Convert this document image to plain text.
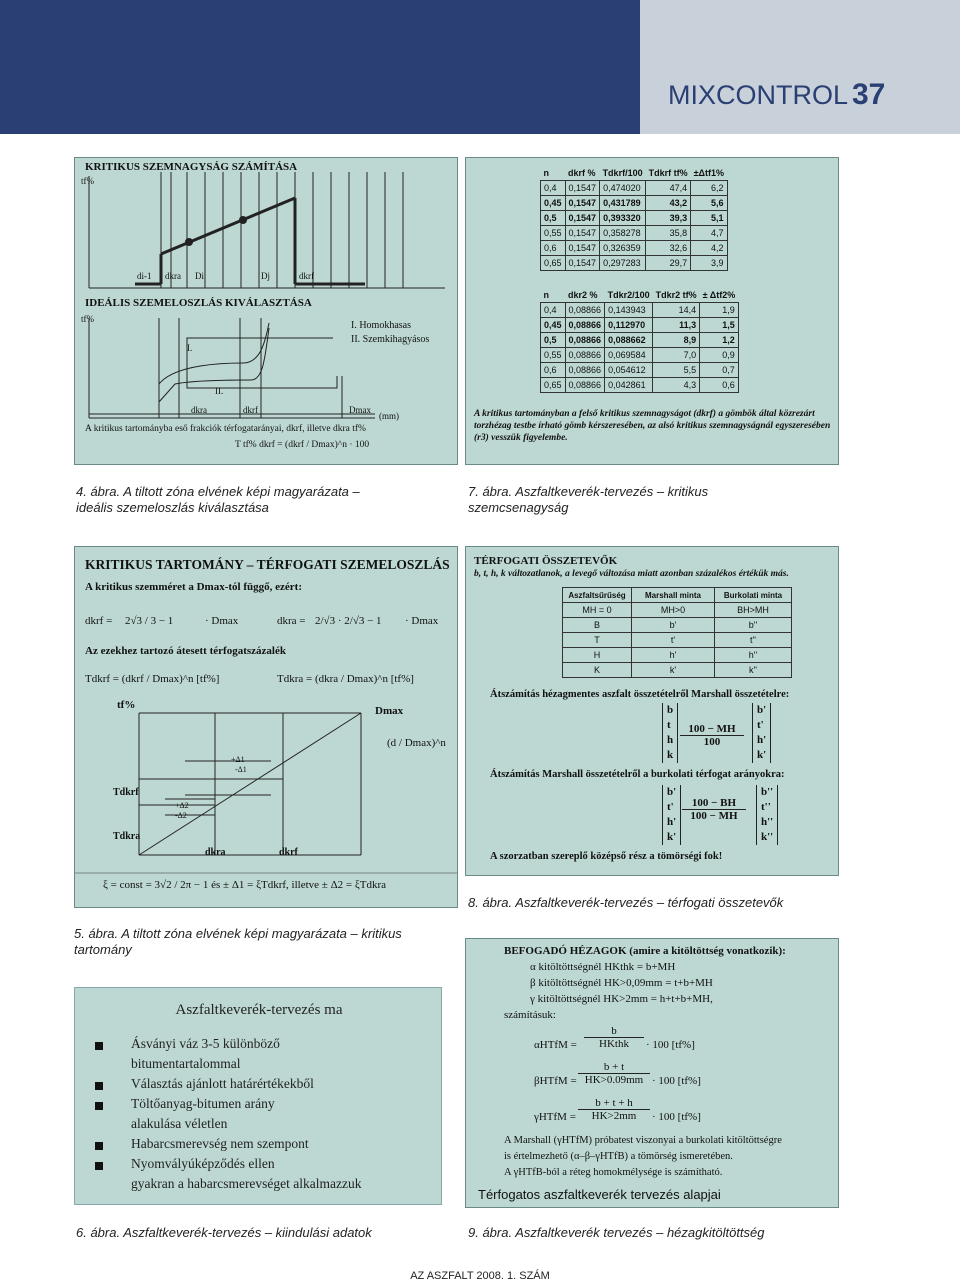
MIXCONTROL 37
KRITIKUS SZEMNAGYSÁG SZÁMÍTÁSA
tf%
di-1 dkra Di	Dj	dkrf
IDEÁLIS SZEMELOSZLÁS KIVÁLASZTÁSA
tf%
I. Homokhasas
II. Szemkihagyásos
I.
II.
dkra	dkrf	Dmax
(mm)
A kritikus tartományba eső frakciók térfogatarányai, dkrf, illetve dkra tf%
T tf% dkrf = (dkrf / Dmax)^n · 100
4. ábra. A tiltott zóna elvének képi magyarázata – ideális szemeloszlás kiválasztása
n	dkrf %	Tdkrf/100	Tdkrf tf%	±Δtf1%
0,4	0,1547	0,474020	47,4	6,2
0,45	0,1547	0,431789	43,2	5,6
0,5	0,1547	0,393320	39,3	5,1
0,55	0,1547	0,358278	35,8	4,7
0,6	0,1547	0,326359	32,6	4,2
0,65	0,1547	0,297283	29,7	3,9
n	dkr2 %	Tdkr2/100	Tdkr2 tf%	± Δtf2%
0,4	0,08866	0,143943	14,4	1,9
0,45	0,08866	0,112970	11,3	1,5
0,5	0,08866	0,088662	8,9	1,2
0,55	0,08866	0,069584	7,0	0,9
0,6	0,08866	0,054612	5,5	0,7
0,65	0,08866	0,042861	4,3	0,6
A kritikus tartományban a felső kritikus szemnagyságot (dkrf) a gömbök által közrezárt torzhézag testbe írható gömb kérszeresében, az alsó kritikus szemnagyságnál egyszeresében (r3) vesszük figyelembe.
7. ábra. Aszfaltkeverék-tervezés – kritikus szemcsenagyság
KRITIKUS TARTOMÁNY – TÉRFOGATI SZEMELOSZLÁS
A kritikus szemméret a Dmax-tól függő, ezért:
dkrf = 2√3 / 3 − 1	· Dmax	dkra = 2/√3 · 2/√3 − 1 · Dmax
Az ezekhez tartozó átesett térfogatszázalék
Tdkrf = (dkrf / Dmax)^n [tf%]	Tdkra = (dkra / Dmax)^n [tf%]
tf%	Dmax
(d / Dmax)^n
Tdkrf
Tdkra
dkra	dkrf
+Δ1
-Δ1
+Δ2
-Δ2
ξ = const = 3√2 / 2π − 1 és ± Δ1 = ξTdkrf, illetve ± Δ2 = ξTdkra
5. ábra. A tiltott zóna elvének képi magyarázata – kritikus tartomány
TÉRFOGATI ÖSSZETEVŐK
b, t, h, k változatlanok, a levegő változása miatt azonban százalékos értékük más.
Aszfaltsűrűség	Marshall minta	Burkolati minta
MH = 0	MH>0	BH>MH
B	b'	b''
T	t'	t''
H	h'	h''
K	k'	k''
Átszámítás hézagmentes aszfalt összetételről Marshall összetételre:
b
t
h
k
$\frac{100 - MH}{100}$
b'
t'
h'
k'
Átszámítás Marshall összetételről a burkolati térfogat arányokra:
b'
t'
h'
k'
$\frac{100 - BH}{100 - MH}$
b''
t''
h''
k''
A szorzatban szereplő középső rész a tömörségi fok!
8. ábra. Aszfaltkeverék-tervezés – térfogati összetevők
Aszfaltkeverék-tervezés ma
Ásványi váz 3-5 különböző
bitumentartalommal
Választás ajánlott határértékekből
Töltőanyag-bitumen arány
alakulása véletlen
Habarcsmerevség nem szempont
Nyomvályúképződés ellen
gyakran a habarcsmerevséget alkalmazzuk
6. ábra. Aszfaltkeverék-tervezés – kiindulási adatok
BEFOGADÓ HÉZAGOK (amire a kitöltöttség vonatkozik):
α kitöltöttségnél HKthk = b+MH
β kitöltöttségnél HK>0,09mm = t+b+MH
γ kitöltöttségnél HK>2mm = h+t+b+MH,
számításuk:
αHTfM =
b
HKthk	· 100 [tf%]
βHTfM = $\frac{b + t}{HK>0.09mm} \cdot 100$ [tf%]
γHTfM = $\frac{b + t + h}{HK>2mm} \cdot 100$ [tf%]
A Marshall (γHTfM) próbatest viszonyai a burkolati kitöltöttségre
is értelmezhető (α–β–γHTfB) a tömörség ismeretében.
A γHTfB-ból a réteg homokmélysége is számítható.
Térfogatos aszfaltkeverék tervezés alapjai
9. ábra. Aszfaltkeverék tervezés – hézagkitöltöttség
AZ ASZFALT 2008. 1. SZÁM
